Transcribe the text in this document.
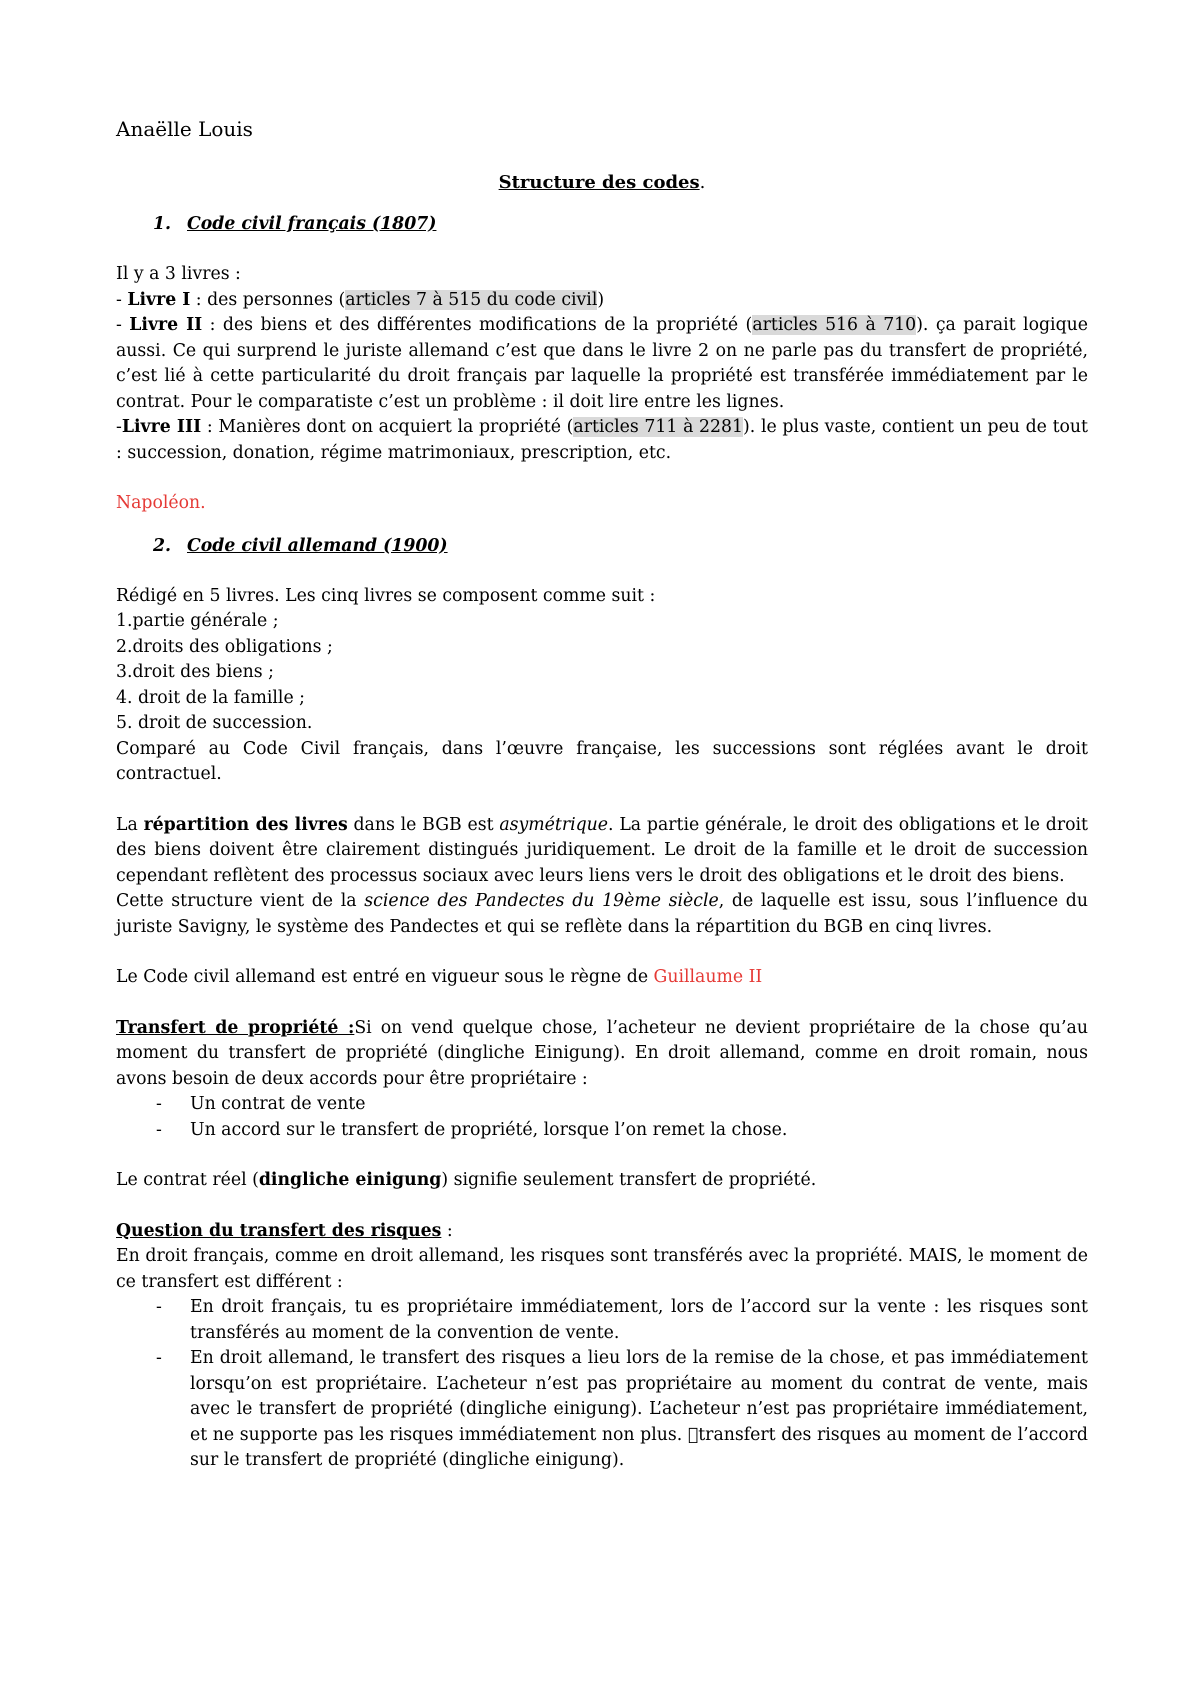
Anaëlle Louis

Structure des codes.

1. Code civil français (1807)

Il y a 3 livres :

- Livre I : des personnes (articles 7 à 515 du code civil)

- Livre II : des biens et des différentes modifications de la propriété (articles 516 à 710). ça parait logique aussi. Ce qui surprend le juriste allemand c’est que dans le livre 2 on ne parle pas du transfert de propriété, c’est lié à cette particularité du droit français par laquelle la propriété est transférée immédiatement par le contrat. Pour le comparatiste c’est un problème : il doit lire entre les lignes.

-Livre III : Manières dont on acquiert la propriété (articles 711 à 2281). le plus vaste, contient un peu de tout : succession, donation, régime matrimoniaux, prescription, etc.

Napoléon.

2. Code civil allemand (1900)

Rédigé en 5 livres. Les cinq livres se composent comme suit :

1.partie générale ;

2.droits des obligations ;

3.droit des biens ;

4. droit de la famille ;

5. droit de succession.

Comparé au Code Civil français, dans l’œuvre française, les successions sont réglées avant le droit contractuel.

La répartition des livres dans le BGB est asymétrique. La partie générale, le droit des obligations et le droit des biens doivent être clairement distingués juridiquement. Le droit de la famille et le droit de succession cependant reflètent des processus sociaux avec leurs liens vers le droit des obligations et le droit des biens.

Cette structure vient de la science des Pandectes du 19ème siècle, de laquelle est issu, sous l’influence du juriste Savigny, le système des Pandectes et qui se reflète dans la répartition du BGB en cinq livres.

Le Code civil allemand est entré en vigueur sous le règne de Guillaume II

Transfert de propriété :Si on vend quelque chose, l’acheteur ne devient propriétaire de la chose qu’au moment du transfert de propriété (dingliche Einigung). En droit allemand, comme en droit romain, nous avons besoin de deux accords pour être propriétaire :

- Un contrat de vente
- Un accord sur le transfert de propriété, lorsque l’on remet la chose.

Le contrat réel (dingliche einigung) signifie seulement transfert de propriété.

Question du transfert des risques :

En droit français, comme en droit allemand, les risques sont transférés avec la propriété. MAIS, le moment de ce transfert est différent :

- En droit français, tu es propriétaire immédiatement, lors de l’accord sur la vente : les risques sont transférés au moment de la convention de vente.
- En droit allemand, le transfert des risques a lieu lors de la remise de la chose, et pas immédiatement lorsqu’on est propriétaire. L’acheteur n’est pas propriétaire au moment du contrat de vente, mais avec le transfert de propriété (dingliche einigung). L’acheteur n’est pas propriétaire immédiatement, et ne supporte pas les risques immédiatement non plus.  transfert des risques au moment de l’accord sur le transfert de propriété (dingliche einigung).
